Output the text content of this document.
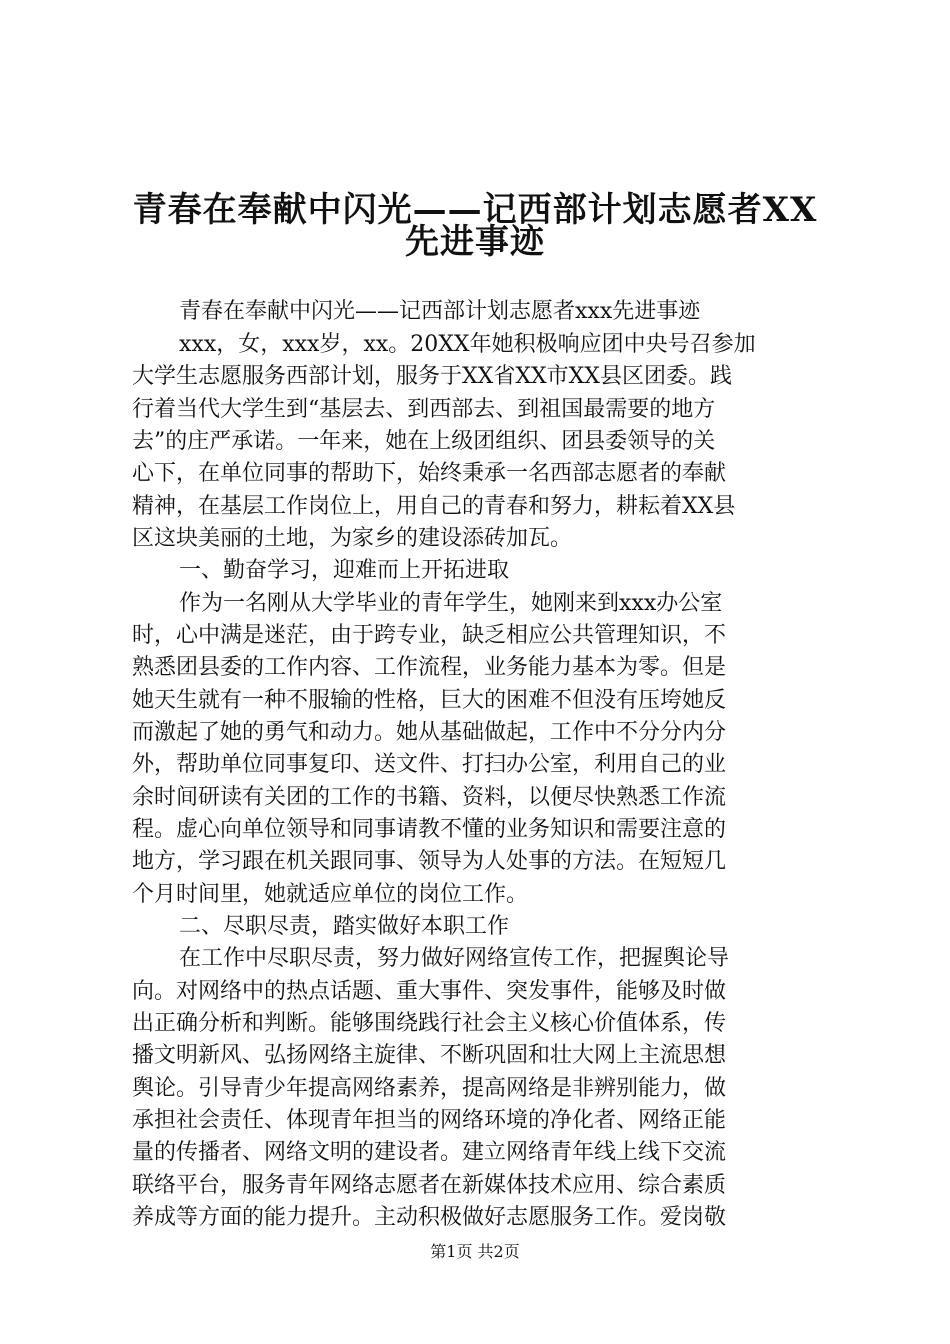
青春在奉献中闪光——记西部计划志愿者XX
先进事迹
青春在奉献中闪光——记西部计划志愿者xxx先进事迹
xxx，女，xxx岁，xx。20XX年她积极响应团中央号召参加
大学生志愿服务西部计划，服务于XX省XX市XX县区团委。践
行着当代大学生到“基层去、到西部去、到祖国最需要的地方
去”的庄严承诺。一年来，她在上级团组织、团县委领导的关
心下，在单位同事的帮助下，始终秉承一名西部志愿者的奉献
精神，在基层工作岗位上，用自己的青春和努力，耕耘着XX县
区这块美丽的土地，为家乡的建设添砖加瓦。
一、勤奋学习，迎难而上开拓进取
作为一名刚从大学毕业的青年学生，她刚来到xxx办公室
时，心中满是迷茫，由于跨专业，缺乏相应公共管理知识，不
熟悉团县委的工作内容、工作流程，业务能力基本为零。但是
她天生就有一种不服输的性格，巨大的困难不但没有压垮她反
而激起了她的勇气和动力。她从基础做起，工作中不分分内分
外，帮助单位同事复印、送文件、打扫办公室，利用自己的业
余时间研读有关团的工作的书籍、资料，以便尽快熟悉工作流
程。虚心向单位领导和同事请教不懂的业务知识和需要注意的
地方，学习跟在机关跟同事、领导为人处事的方法。在短短几
个月时间里，她就适应单位的岗位工作。
二、尽职尽责，踏实做好本职工作
在工作中尽职尽责，努力做好网络宣传工作，把握舆论导
向。对网络中的热点话题、重大事件、突发事件，能够及时做
出正确分析和判断。能够围绕践行社会主义核心价值体系，传
播文明新风、弘扬网络主旋律、不断巩固和壮大网上主流思想
舆论。引导青少年提高网络素养，提高网络是非辨别能力，做
承担社会责任、体现青年担当的网络环境的净化者、网络正能
量的传播者、网络文明的建设者。建立网络青年线上线下交流
联络平台，服务青年网络志愿者在新媒体技术应用、综合素质
养成等方面的能力提升。主动积极做好志愿服务工作。爱岗敬
第1页 共2页
